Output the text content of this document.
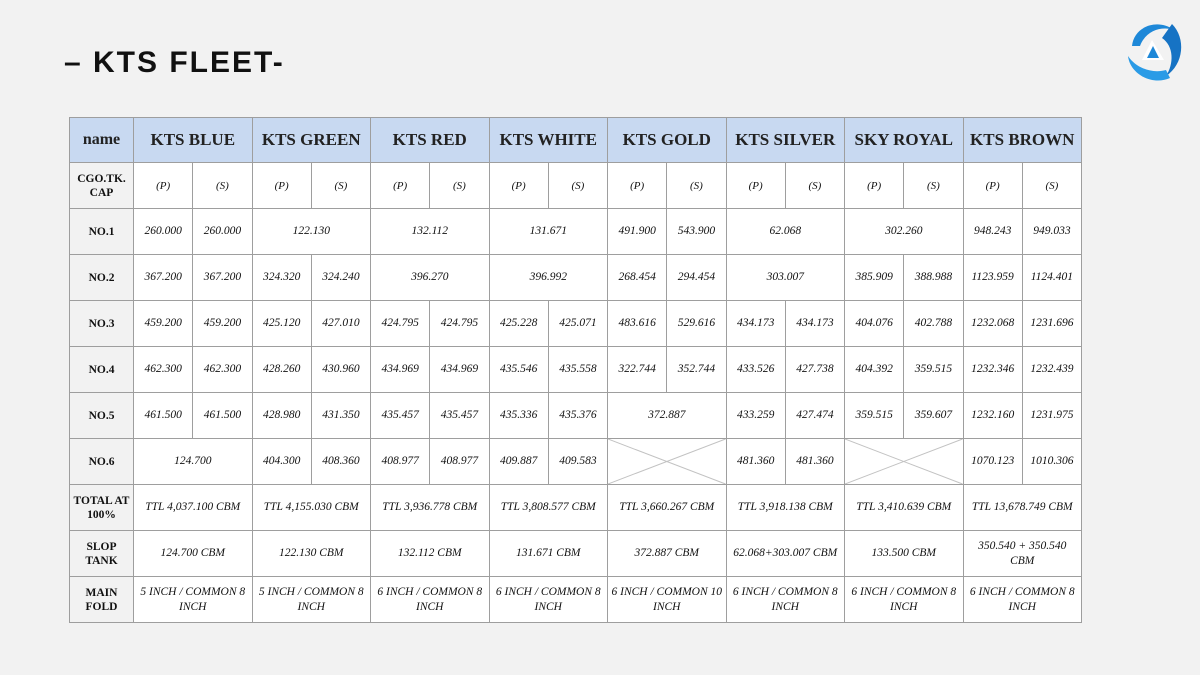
– KTS FLEET-
name	KTS BLUE		KTS GREEN		KTS RED		KTS WHITE		KTS GOLD		KTS SILVER		SKY ROYAL		KTS BROWN	
CGO.TK. CAP	(P)	(S)	(P)	(S)	(P)	(S)	(P)	(S)	(P)	(S)	(P)	(S)	(P)	(S)	(P)	(S)
NO.1	260.000	260.000	122.130		132.112		131.671		491.900	543.900	62.068		302.260		948.243	949.033
NO.2	367.200	367.200	324.320	324.240	396.270		396.992		268.454	294.454	303.007		385.909	388.988	1123.959	1124.401
NO.3	459.200	459.200	425.120	427.010	424.795	424.795	425.228	425.071	483.616	529.616	434.173	434.173	404.076	402.788	1232.068	1231.696
NO.4	462.300	462.300	428.260	430.960	434.969	434.969	435.546	435.558	322.744	352.744	433.526	427.738	404.392	359.515	1232.346	1232.439
NO.5	461.500	461.500	428.980	431.350	435.457	435.457	435.336	435.376	372.887		433.259	427.474	359.515	359.607	1232.160	1231.975
NO.6	124.700		404.300	408.360	408.977	408.977	409.887	409.583			481.360	481.360			1070.123	1010.306
TOTAL AT 100%	TTL 4,037.100 CBM		TTL 4,155.030 CBM		TTL 3,936.778 CBM		TTL 3,808.577 CBM		TTL 3,660.267 CBM		TTL 3,918.138 CBM		TTL 3,410.639 CBM		TTL 13,678.749 CBM	
SLOP TANK	124.700 CBM		122.130 CBM		132.112 CBM		131.671 CBM		372.887 CBM		62.068+303.007 CBM		133.500 CBM		350.540 + 350.540 CBM	
MAIN FOLD	5 INCH / COMMON 8 INCH		5 INCH / COMMON 8 INCH		6 INCH / COMMON 8 INCH		6 INCH / COMMON 8 INCH		6 INCH / COMMON 10 INCH		6 INCH / COMMON 8 INCH		6 INCH / COMMON 8 INCH		6 INCH / COMMON 8 INCH	
